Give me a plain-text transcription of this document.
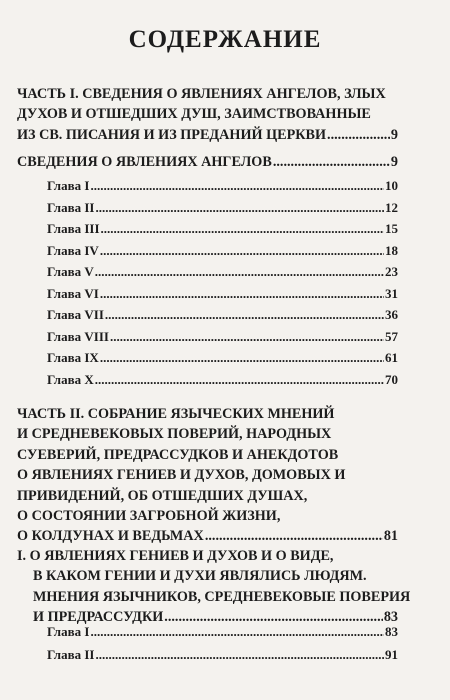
СОДЕРЖАНИЕ
ЧАСТЬ I. СВЕДЕНИЯ О ЯВЛЕНИЯХ АНГЕЛОВ, ЗЛЫХ
ДУХОВ И ОТШЕДШИХ ДУШ, ЗАИМСТВОВАННЫЕ
ИЗ СВ. ПИСАНИЯ И ИЗ ПРЕДАНИЙ ЦЕРКВИ .....	9
СВЕДЕНИЯ О ЯВЛЕНИЯХ АНГЕЛОВ .....	9
Глава I .....	10
Глава II .....	12
Глава III .....	15
Глава IV .....	18
Глава V .....	23
Глава VI .....	31
Глава VII .....	36
Глава VIII .....	57
Глава IX .....	61
Глава X .....	70
ЧАСТЬ II. СОБРАНИЕ ЯЗЫЧЕСКИХ МНЕНИЙ
И СРЕДНЕВЕКОВЫХ ПОВЕРИЙ, НАРОДНЫХ
СУЕВЕРИЙ, ПРЕДРАССУДКОВ И АНЕКДОТОВ
О ЯВЛЕНИЯХ ГЕНИЕВ И ДУХОВ, ДОМОВЫХ И
ПРИВИДЕНИЙ, ОБ ОТШЕДШИХ ДУШАХ,
О СОСТОЯНИИ ЗАГРОБНОЙ ЖИЗНИ,
О КОЛДУНАХ И ВЕДЬМАХ .....	81
I. О ЯВЛЕНИЯХ ГЕНИЕВ И ДУХОВ И О ВИДЕ,
В КАКОМ ГЕНИИ И ДУХИ ЯВЛЯЛИСЬ ЛЮДЯМ.
МНЕНИЯ ЯЗЫЧНИКОВ, СРЕДНЕВЕКОВЫЕ ПОВЕРИЯ
И ПРЕДРАССУДКИ .....	83
Глава I .....	83
Глава II .....	91
